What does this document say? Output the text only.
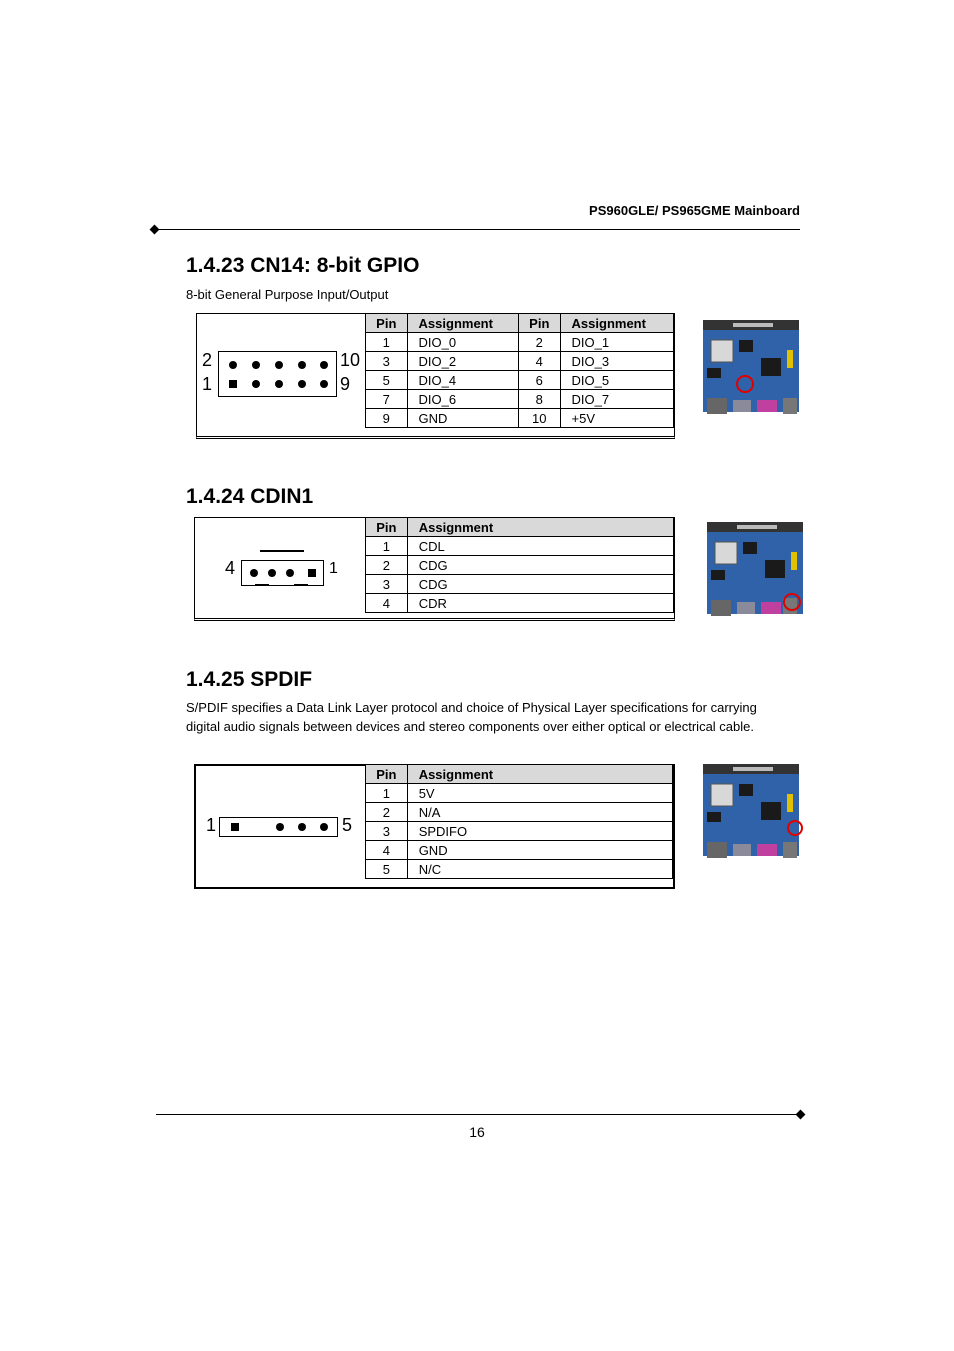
PS960GLE/ PS965GME Mainboard
1.4.23 CN14: 8-bit GPIO
8-bit General Purpose Input/Output
2
1
10
9
Pin	Assignment	Pin	Assignment
1	DIO_0	2	DIO_1
3	DIO_2	4	DIO_3
5	DIO_4	6	DIO_5
7	DIO_6	8	DIO_7
9	GND	10	+5V
1.4.24 CDIN1
4	1
Pin	Assignment
1	CDL
2	CDG
3	CDG
4	CDR
1.4.25 SPDIF
S/PDIF specifies a Data Link Layer protocol and choice of Physical Layer specifications for carrying digital audio signals between devices and stereo components over either optical or electrical cable.
1	5
Pin	Assignment
1	5V
2	N/A
3	SPDIFO
4	GND
5	N/C
16
